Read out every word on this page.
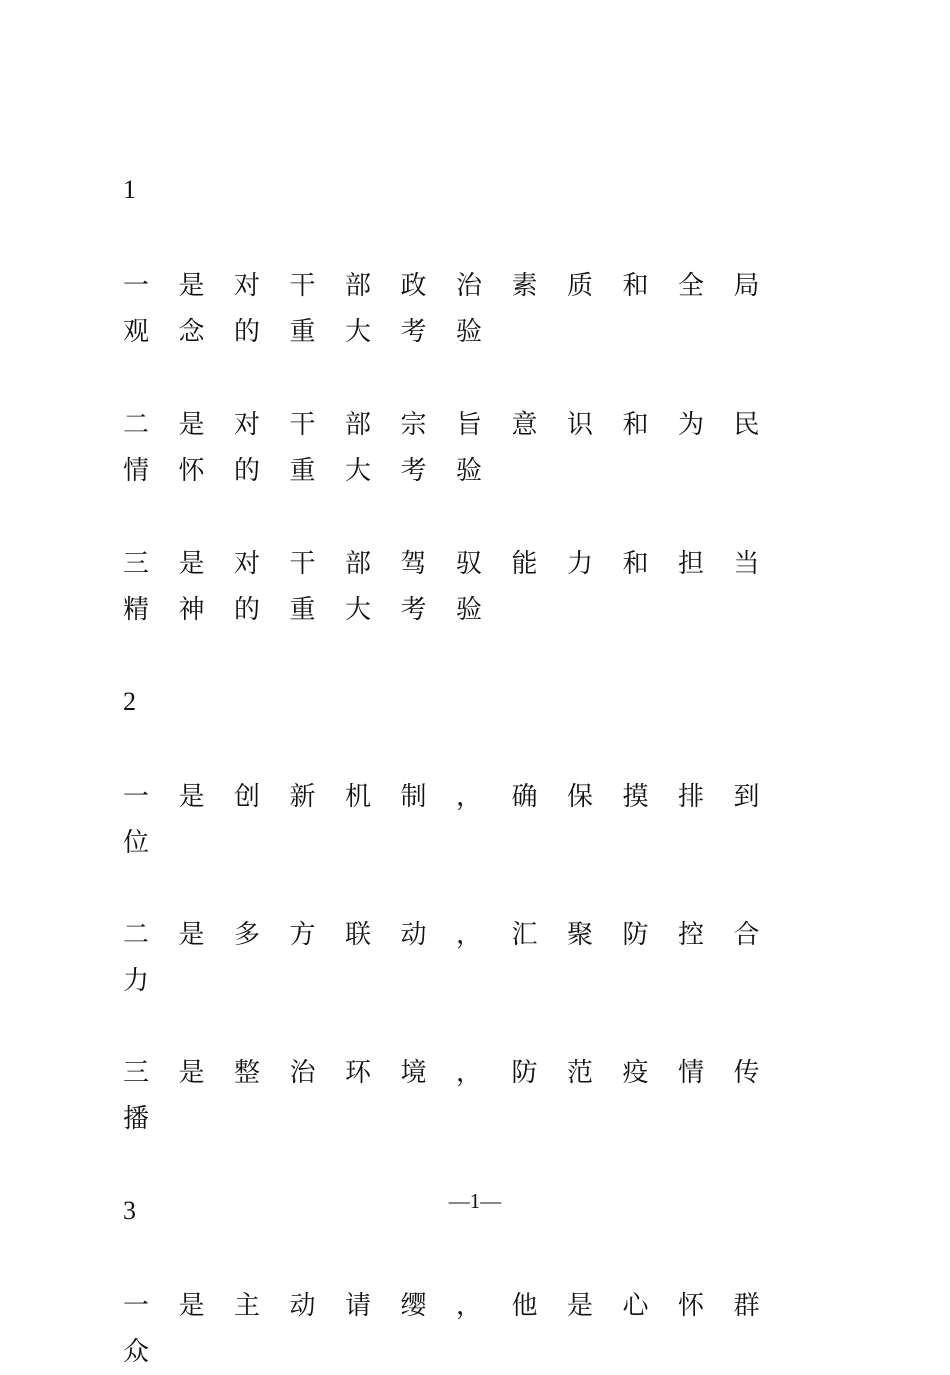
1
一是对干部政治素质和全局观念的重大考验
二是对干部宗旨意识和为民情怀的重大考验
三是对干部驾驭能力和担当精神的重大考验
2
一是创新机制，确保摸排到位
二是多方联动，汇聚防控合力
三是整治环境，防范疫情传播
3
一是主动请缨，他是心怀群众
—1—
